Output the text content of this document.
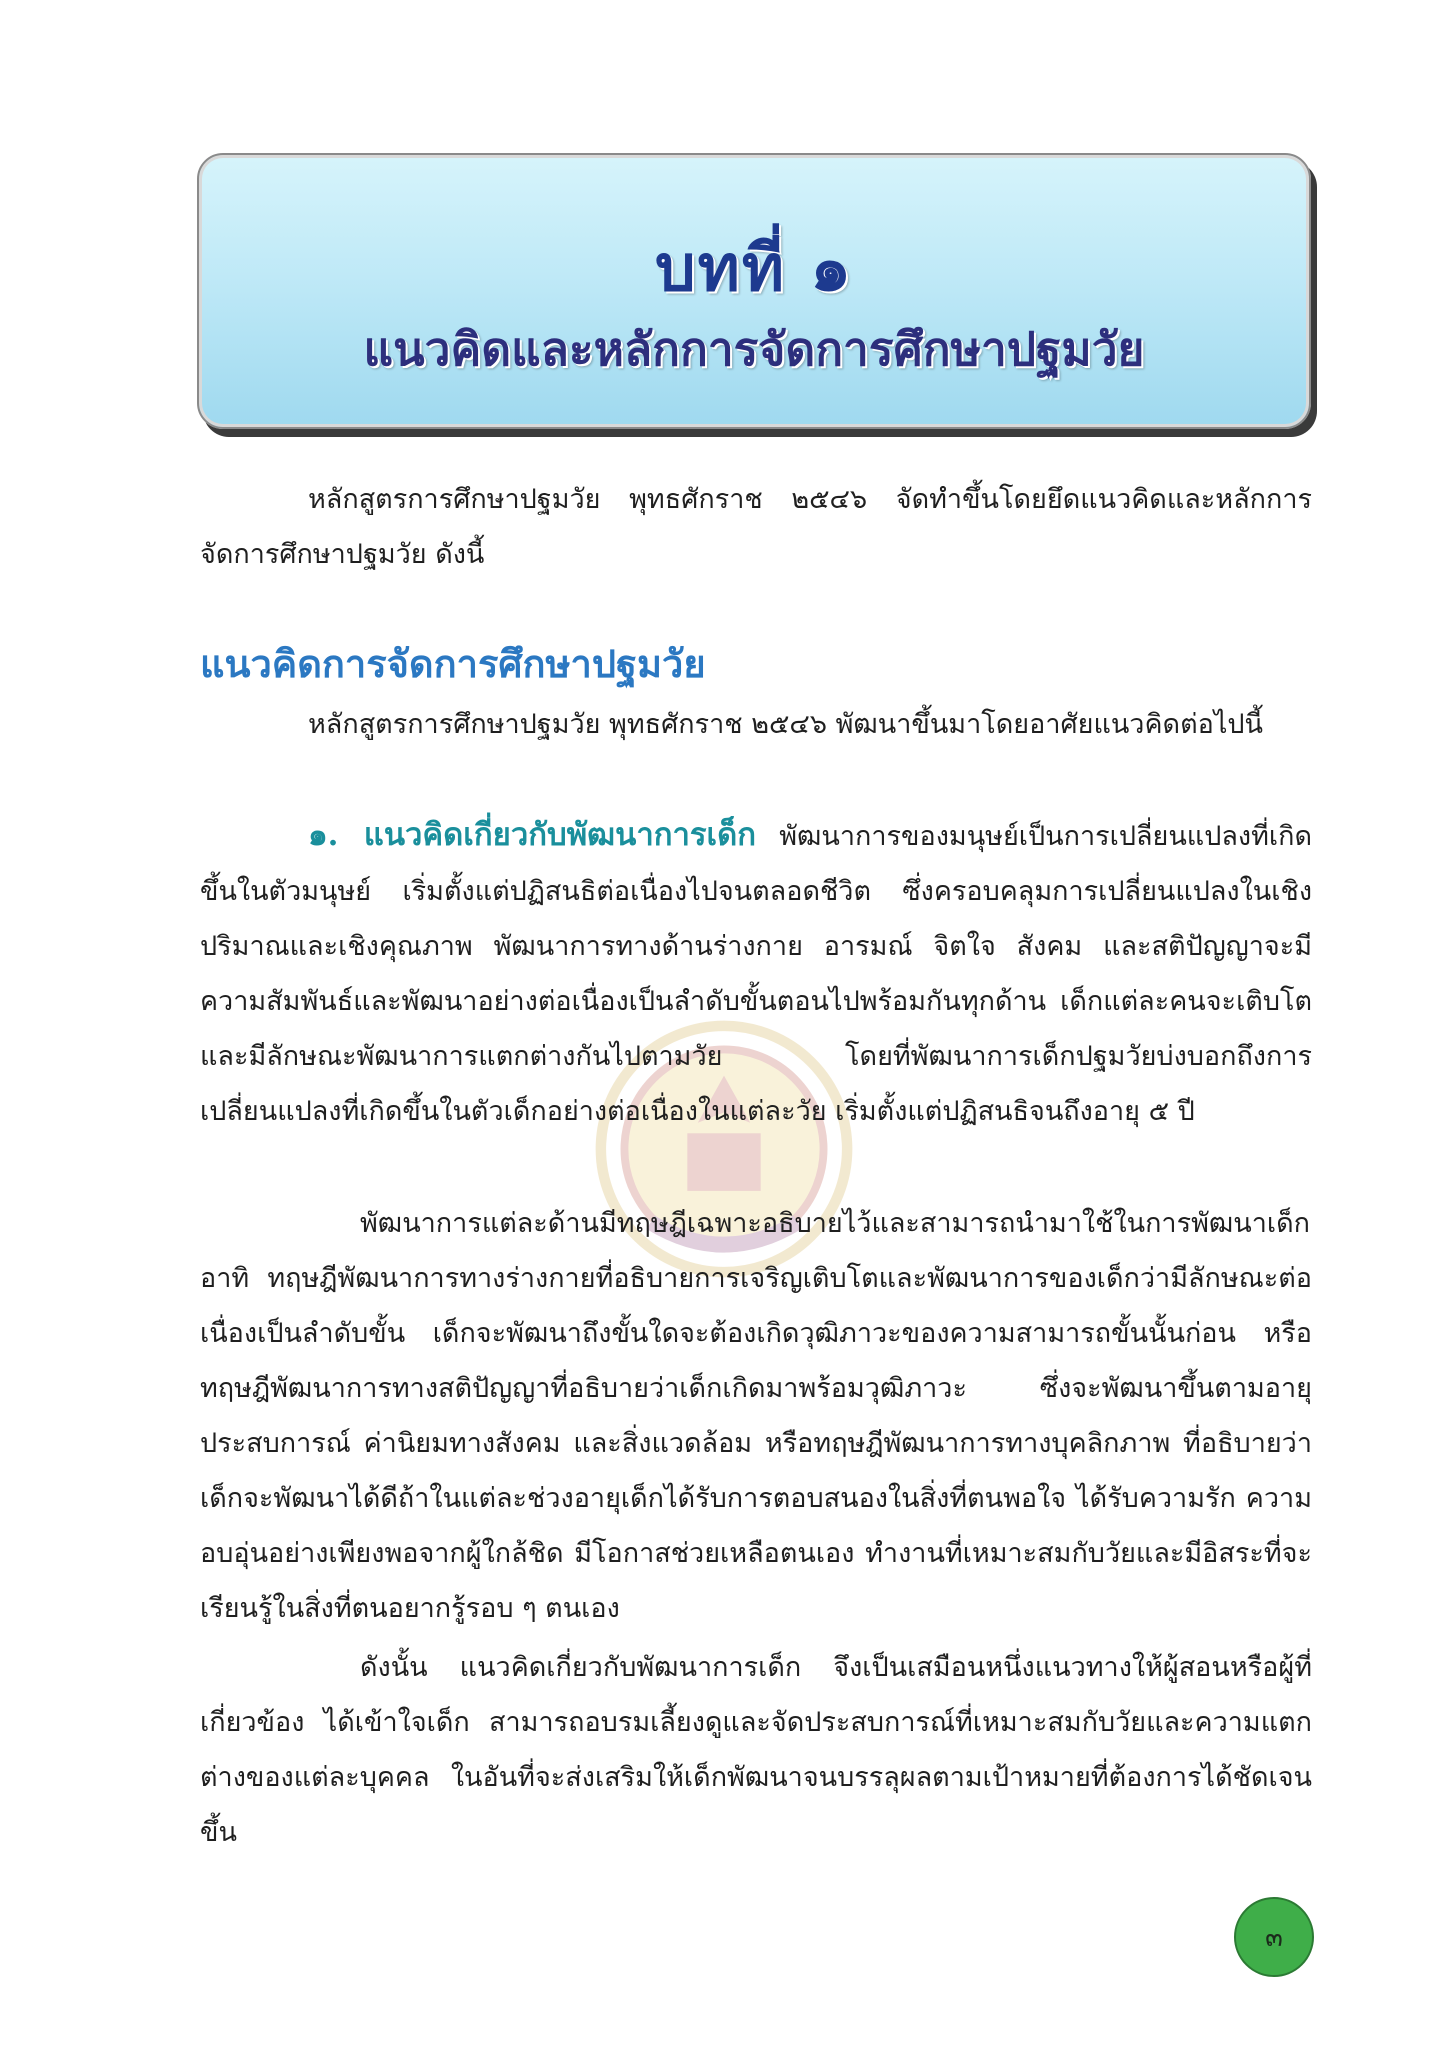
บทที่ ๑
แนวคิดและหลักการจัดการศึกษาปฐมวัย

หลักสูตรการศึกษาปฐมวัย พุทธศักราช ๒๕๔๖ จัดทำขึ้นโดยยึดแนวคิดและหลักการจัดการศึกษาปฐมวัย ดังนี้

แนวคิดการจัดการศึกษาปฐมวัย
หลักสูตรการศึกษาปฐมวัย พุทธศักราช ๒๕๔๖ พัฒนาขึ้นมาโดยอาศัยแนวคิดต่อไปนี้

๑. แนวคิดเกี่ยวกับพัฒนาการเด็ก พัฒนาการของมนุษย์เป็นการเปลี่ยนแปลงที่เกิดขึ้นในตัวมนุษย์ เริ่มตั้งแต่ปฏิสนธิต่อเนื่องไปจนตลอดชีวิต ซึ่งครอบคลุมการเปลี่ยนแปลงในเชิงปริมาณและเชิงคุณภาพ พัฒนาการทางด้านร่างกาย อารมณ์ จิตใจ สังคม และสติปัญญาจะมีความสัมพันธ์และพัฒนาอย่างต่อเนื่องเป็นลำดับขั้นตอนไปพร้อมกันทุกด้าน เด็กแต่ละคนจะเติบโตและมีลักษณะพัฒนาการแตกต่างกันไปตามวัย โดยที่พัฒนาการเด็กปฐมวัยบ่งบอกถึงการเปลี่ยนแปลงที่เกิดขึ้นในตัวเด็กอย่างต่อเนื่องในแต่ละวัย เริ่มตั้งแต่ปฏิสนธิจนถึงอายุ ๕ ปี

พัฒนาการแต่ละด้านมีทฤษฎีเฉพาะอธิบายไว้และสามารถนำมาใช้ในการพัฒนาเด็ก อาทิ ทฤษฎีพัฒนาการทางร่างกายที่อธิบายการเจริญเติบโตและพัฒนาการของเด็กว่ามีลักษณะต่อเนื่องเป็นลำดับขั้น เด็กจะพัฒนาถึงขั้นใดจะต้องเกิดวุฒิภาวะของความสามารถขั้นนั้นก่อน หรือ ทฤษฎีพัฒนาการทางสติปัญญาที่อธิบายว่าเด็กเกิดมาพร้อมวุฒิภาวะ ซึ่งจะพัฒนาขึ้นตามอายุ ประสบการณ์ ค่านิยมทางสังคม และสิ่งแวดล้อม หรือทฤษฎีพัฒนาการทางบุคลิกภาพ ที่อธิบายว่าเด็กจะพัฒนาได้ดีถ้าในแต่ละช่วงอายุเด็กได้รับการตอบสนองในสิ่งที่ตนพอใจ ได้รับความรัก ความอบอุ่นอย่างเพียงพอจากผู้ใกล้ชิด มีโอกาสช่วยเหลือตนเอง ทำงานที่เหมาะสมกับวัยและมีอิสระที่จะเรียนรู้ในสิ่งที่ตนอยากรู้รอบ ๆ ตนเอง

ดังนั้น แนวคิดเกี่ยวกับพัฒนาการเด็ก จึงเป็นเสมือนหนึ่งแนวทางให้ผู้สอนหรือผู้ที่เกี่ยวข้อง ได้เข้าใจเด็ก สามารถอบรมเลี้ยงดูและจัดประสบการณ์ที่เหมาะสมกับวัยและความแตกต่างของแต่ละบุคคล ในอันที่จะส่งเสริมให้เด็กพัฒนาจนบรรลุผลตามเป้าหมายที่ต้องการได้ชัดเจนขึ้น

๓
